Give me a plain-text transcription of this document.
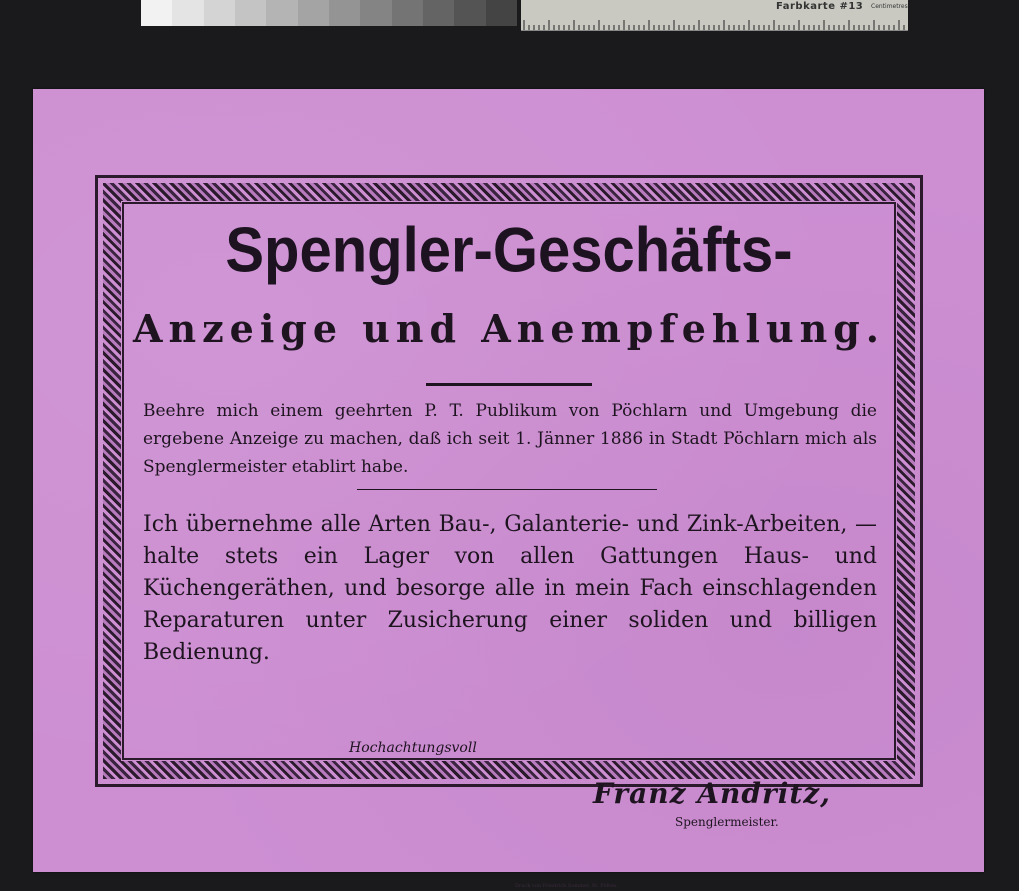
Farbkarte #13 Centimetres
Spengler-Geschäfts-
Anzeige und Anempfehlung.
Beehre mich einem geehrten P. T. Publikum von Pöchlarn und Umgebung die ergebene Anzeige zu machen, daß ich seit 1. Jänner 1886 in Stadt Pöchlarn mich als Spenglermeister etablirt habe.
Ich übernehme alle Arten Bau-, Galanterie- und Zink-Arbeiten, — halte stets ein Lager von allen Gattungen Haus- und Küchengeräthen, und besorge alle in mein Fach einschlagenden Reparaturen unter Zusicherung einer soliden und billigen Bedienung.
Hochachtungsvoll
Franz Andritz,
Spenglermeister.
Druck von Friedrich Sommer, St. Pölten.
